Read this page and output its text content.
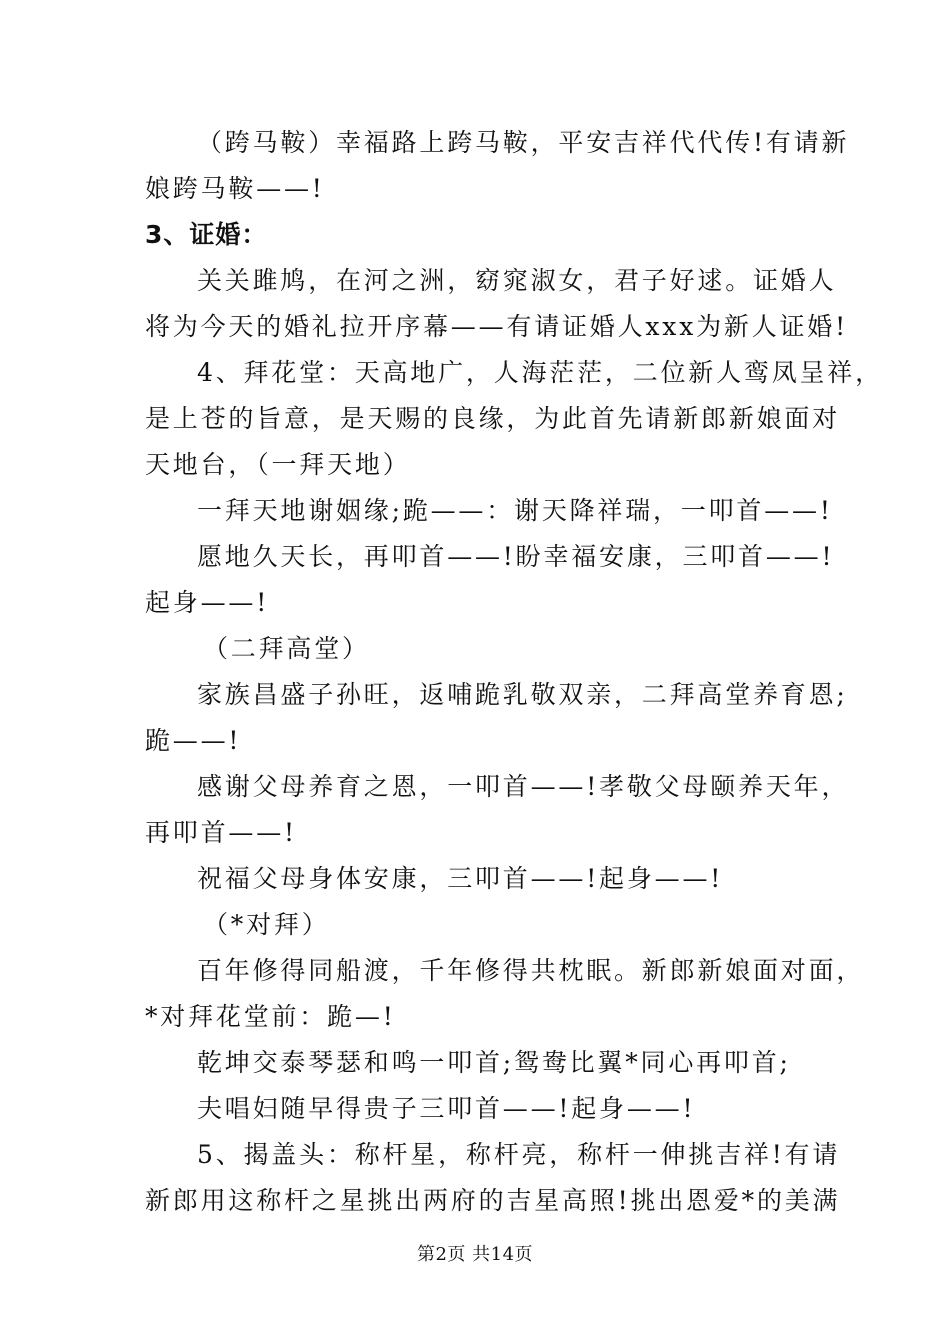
（跨马鞍）幸福路上跨马鞍，平安吉祥代代传!有请新
娘跨马鞍——!
3、证婚：
关关雎鸠，在河之洲，窈窕淑女，君子好逑。证婚人
将为今天的婚礼拉开序幕——有请证婚人xxx为新人证婚!
4、拜花堂：天高地广，人海茫茫，二位新人鸾凤呈祥，
是上苍的旨意，是天赐的良缘，为此首先请新郎新娘面对
天地台，（一拜天地）
一拜天地谢姻缘;跪——：谢天降祥瑞，一叩首——!
愿地久天长，再叩首——!盼幸福安康，三叩首——!
起身——!
（二拜高堂）
家族昌盛子孙旺，返哺跪乳敬双亲，二拜高堂养育恩;
跪——!
感谢父母养育之恩，一叩首——!孝敬父母颐养天年，
再叩首——!
祝福父母身体安康，三叩首——!起身——!
（*对拜）
百年修得同船渡，千年修得共枕眠。新郎新娘面对面，
*对拜花堂前：跪—!
乾坤交泰琴瑟和鸣一叩首;鸳鸯比翼*同心再叩首;
夫唱妇随早得贵子三叩首——!起身——!
5、揭盖头：称杆星，称杆亮，称杆一伸挑吉祥!有请
新郎用这称杆之星挑出两府的吉星高照!挑出恩爱*的美满
第2页 共14页
